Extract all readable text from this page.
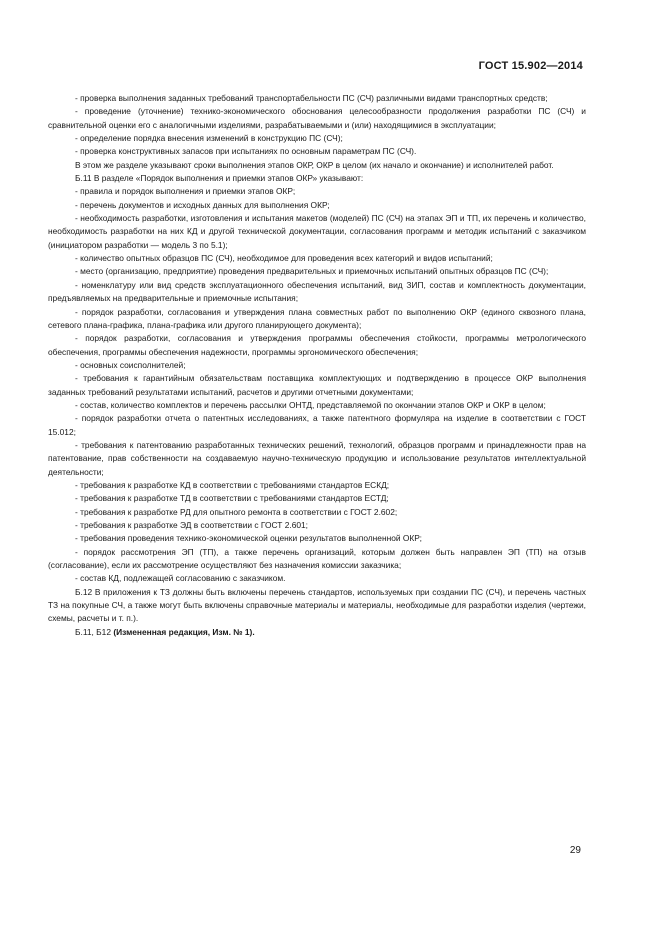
ГОСТ 15.902—2014

- проверка выполнения заданных требований транспортабельности ПС (СЧ) различными видами транспортных средств;

- проведение (уточнение) технико-экономического обоснования целесообразности продолжения разработки ПС (СЧ) и сравнительной оценки его с аналогичными изделиями, разрабатываемыми и (или) находящимися в эксплуатации;

- определение порядка внесения изменений в конструкцию ПС (СЧ);

- проверка конструктивных запасов при испытаниях по основным параметрам ПС (СЧ).

В этом же разделе указывают сроки выполнения этапов ОКР, ОКР в целом (их начало и окончание) и исполнителей работ.

Б.11 В разделе «Порядок выполнения и приемки этапов ОКР» указывают:

- правила и порядок выполнения и приемки этапов ОКР;

- перечень документов и исходных данных для выполнения ОКР;

- необходимость разработки, изготовления и испытания макетов (моделей) ПС (СЧ) на этапах ЭП и ТП, их перечень и количество, необходимость разработки на них КД и другой технической документации, согласования программ и методик испытаний с заказчиком (инициатором разработки — модель 3 по 5.1);

- количество опытных образцов ПС (СЧ), необходимое для проведения всех категорий и видов испытаний;

- место (организацию, предприятие) проведения предварительных и приемочных испытаний опытных образцов ПС (СЧ);

- номенклатуру или вид средств эксплуатационного обеспечения испытаний, вид ЗИП, состав и комплектность документации, предъявляемых на предварительные и приемочные испытания;

- порядок разработки, согласования и утверждения плана совместных работ по выполнению ОКР (единого сквозного плана, сетевого плана-графика, плана-графика или другого планирующего документа);

- порядок разработки, согласования и утверждения программы обеспечения стойкости, программы метрологического обеспечения, программы обеспечения надежности, программы эргономического обеспечения;

- основных соисполнителей;

- требования к гарантийным обязательствам поставщика комплектующих и подтверждению в процессе ОКР выполнения заданных требований результатами испытаний, расчетов и другими отчетными документами;

- состав, количество комплектов и перечень рассылки ОНТД, представляемой по окончании этапов ОКР и ОКР в целом;

- порядок разработки отчета о патентных исследованиях, а также патентного формуляра на изделие в соответствии с ГОСТ 15.012;

- требования к патентованию разработанных технических решений, технологий, образцов программ и принадлежности прав на патентование, прав собственности на создаваемую научно-техническую продукцию и использование результатов интеллектуальной деятельности;

- требования к разработке КД в соответствии с требованиями стандартов ЕСКД;

- требования к разработке ТД в соответствии с требованиями стандартов ЕСТД;

- требования к разработке РД для опытного ремонта в соответствии с ГОСТ 2.602;

- требования к разработке ЭД в соответствии с ГОСТ 2.601;

- требования проведения технико-экономической оценки результатов выполненной ОКР;

- порядок рассмотрения ЭП (ТП), а также перечень организаций, которым должен быть направлен ЭП (ТП) на отзыв (согласование), если их рассмотрение осуществляют без назначения комиссии заказчика;

- состав КД, подлежащей согласованию с заказчиком.

Б.12 В приложения к ТЗ должны быть включены перечень стандартов, используемых при создании ПС (СЧ), и перечень частных ТЗ на покупные СЧ, а также могут быть включены справочные материалы и материалы, необходимые для разработки изделия (чертежи, схемы, расчеты и т. п.).

Б.11, Б12 (Измененная редакция, Изм. № 1).

29
